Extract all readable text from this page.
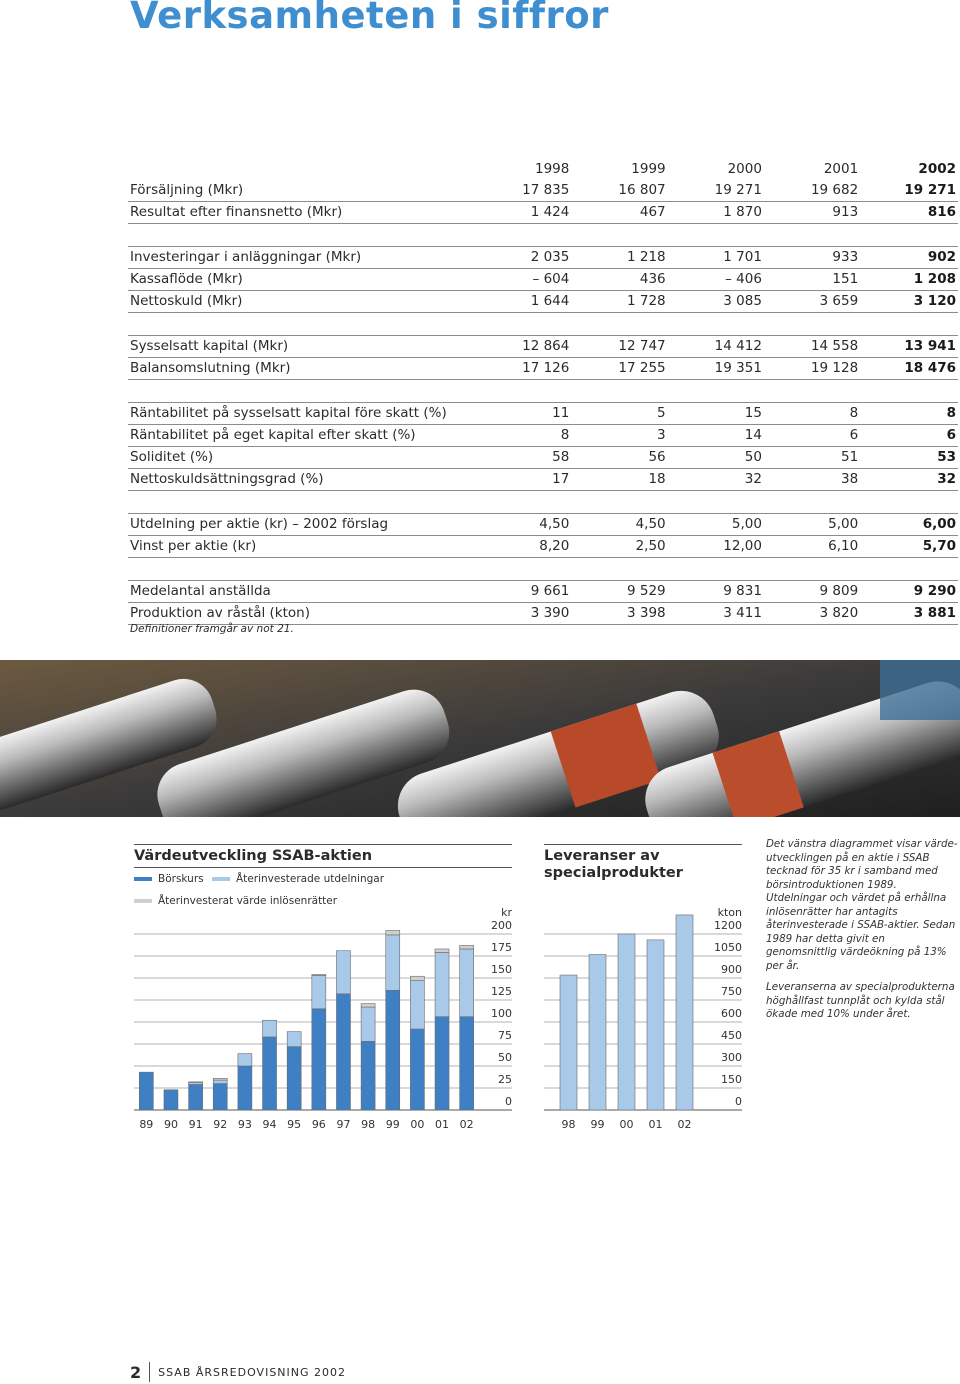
Verksamheten i siffror
	1998	1999	2000	2001	2002
Försäljning (Mkr)	17 835	16 807	19 271	19 682	19 271
Resultat efter finansnetto (Mkr)	1 424	467	1 870	913	816

Investeringar i anläggningar (Mkr)	2 035	1 218	1 701	933	902
Kassaflöde (Mkr)	– 604	436	– 406	151	1 208
Nettoskuld (Mkr)	1 644	1 728	3 085	3 659	3 120

Sysselsatt kapital (Mkr)	12 864	12 747	14 412	14 558	13 941
Balansomslutning (Mkr)	17 126	17 255	19 351	19 128	18 476

Räntabilitet på sysselsatt kapital före skatt (%)	11	5	15	8	8
Räntabilitet på eget kapital efter skatt (%)	8	3	14	6	6
Soliditet (%)	58	56	50	51	53
Nettoskuldsättningsgrad (%)	17	18	32	38	32

Utdelning per aktie (kr) – 2002 förslag	4,50	4,50	5,00	5,00	6,00
Vinst per aktie (kr)	8,20	2,50	12,00	6,10	5,70

Medelantal anställda	9 661	9 529	9 831	9 809	9 290
Produktion av råstål (kton)	3 390	3 398	3 411	3 820	3 881
Definitioner framgår av not 21.
Värdeutveckling SSAB-aktien
Börskurs	Återinvesterade utdelningar
Återinvesterat värde inlösenrätter
0
25
50
75
100
125
150
175
200
kr
89 90 91 92 93 94 95 96 97 98 99 00 01 02
Leveranser av specialprodukter
0
150
300
450
600
750
900
1050
1200
kton
98 99 00 01 02

Det vänstra diagrammet visar värdeutvecklingen på en aktie i SSAB tecknad för 35 kr i samband med börsintroduktionen 1989. Utdelningar och värdet på erhållna inlösenrätter har antagits återinvesterade i SSAB-aktier. Sedan 1989 har detta givit en genomsnittlig värdeökning på 13% per år.

Leveranserna av specialprodukterna höghållfast tunnplåt och kylda stål ökade med 10% under året.

2 SSAB ÅRSREDOVISNING 2002
